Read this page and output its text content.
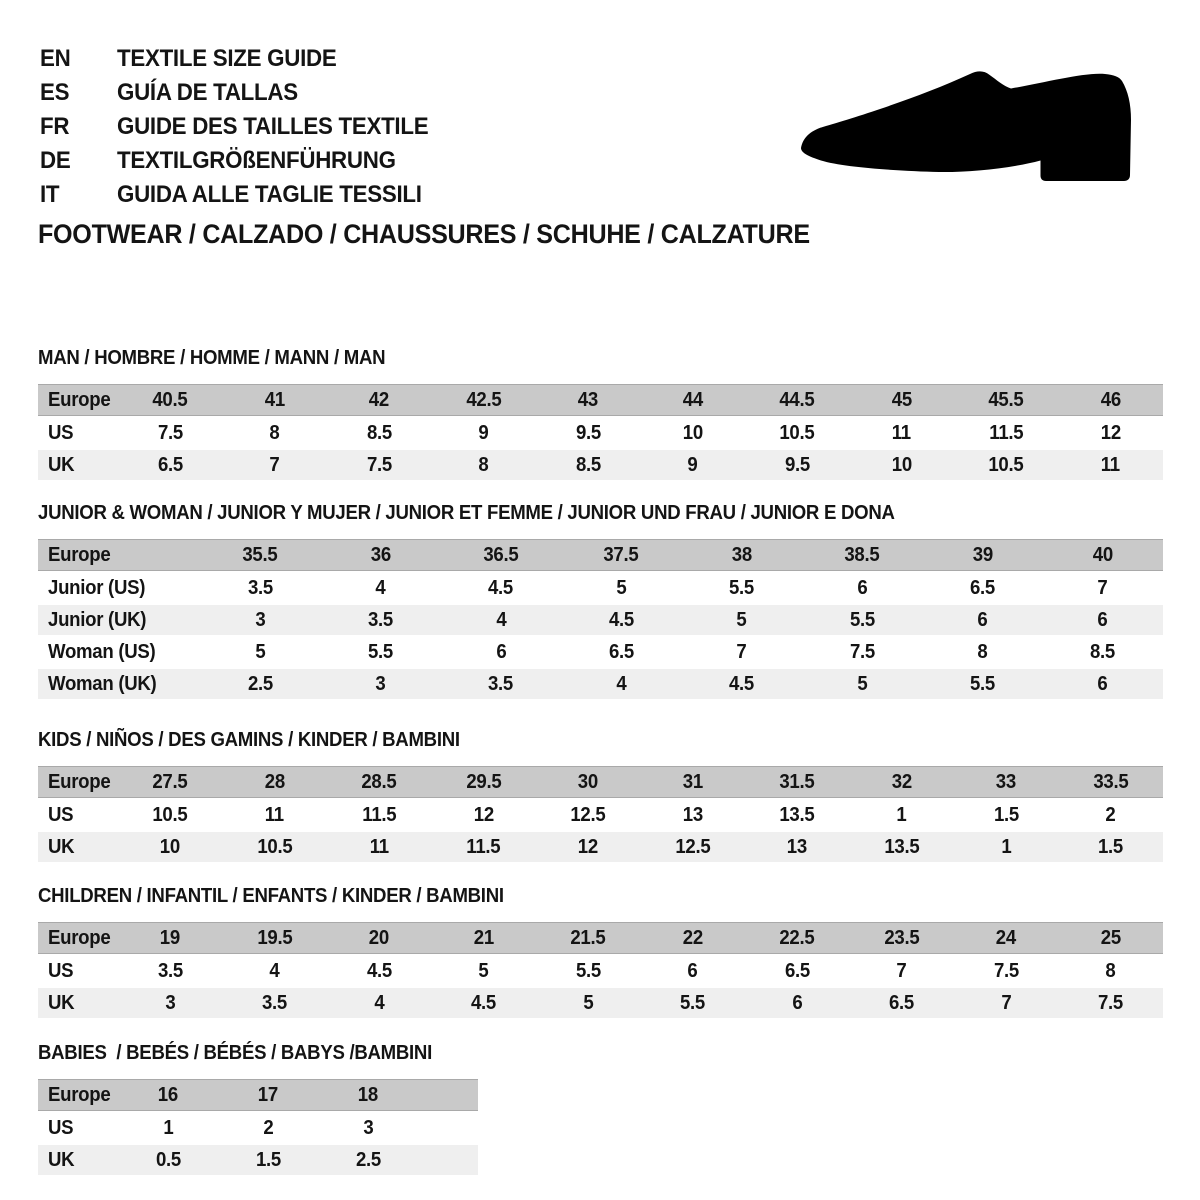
EN	TEXTILE SIZE GUIDE
ES	GUÍA DE TALLAS
FR	GUIDE DES TAILLES TEXTILE
DE	TEXTILGRÖßENFÜHRUNG
IT	GUIDA ALLE TAGLIE TESSILI
FOOTWEAR / CALZADO / CHAUSSURES / SCHUHE / CALZATURE
MAN / HOMBRE / HOMME / MANN / MAN
Europe 40.5	41	42	42.5	43	44	44.5	45	45.5	46
US	7.5	8	8.5	9	9.5	10	10.5	11	11.5	12
UK	6.5	7	7.5	8	8.5	9	9.5	10	10.5	11
JUNIOR & WOMAN / JUNIOR Y MUJER / JUNIOR ET FEMME / JUNIOR UND FRAU / JUNIOR E DONA
Europe	35.5	36	36.5	37.5	38	38.5	39	40
Junior (US)	3.5	4	4.5	5	5.5	6	6.5	7
Junior (UK)	3	3.5	4	4.5	5	5.5	6	6
Woman (US)	5	5.5	6	6.5	7	7.5	8	8.5
Woman (UK)	2.5	3	3.5	4	4.5	5	5.5	6
KIDS / NIÑOS / DES GAMINS / KINDER / BAMBINI
Europe 27.5	28	28.5	29.5	30	31	31.5	32	33	33.5
US	10.5	11	11.5	12	12.5	13	13.5	1	1.5	2
UK	10	10.5	11	11.5	12	12.5	13	13.5	1	1.5
CHILDREN / INFANTIL / ENFANTS / KINDER / BAMBINI
Europe 19	19.5	20	21	21.5	22	22.5	23.5	24	25
US	3.5	4	4.5	5	5.5	6	6.5	7	7.5	8
UK	3	3.5	4	4.5	5	5.5	6	6.5	7	7.5
BABIES  / BEBÉS / BÉBÉS / BABYS /BAMBINI
Europe 16	17	18
US	1	2	3
UK	0.5	1.5	2.5
